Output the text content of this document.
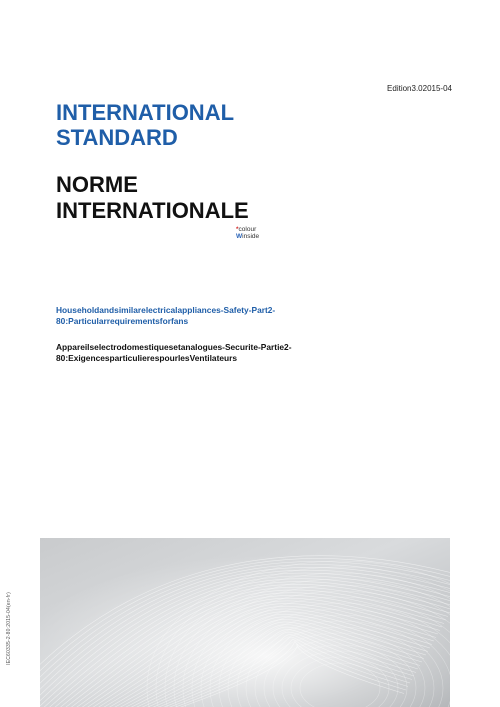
Edition3.02015-04
INTERNATIONAL
STANDARD
NORME
INTERNATIONALE
* colour
W inside
Householdandsimilarelectricalappliances-Safety-Part2-
80:Particularrequirementsforfans
Appareilselectrodomestiquesetanalogues-Securite-Partie2-
80:ExigencesparticulierespourlesVentilateurs
IEC60335-2-80:2015-04(en-fr)
